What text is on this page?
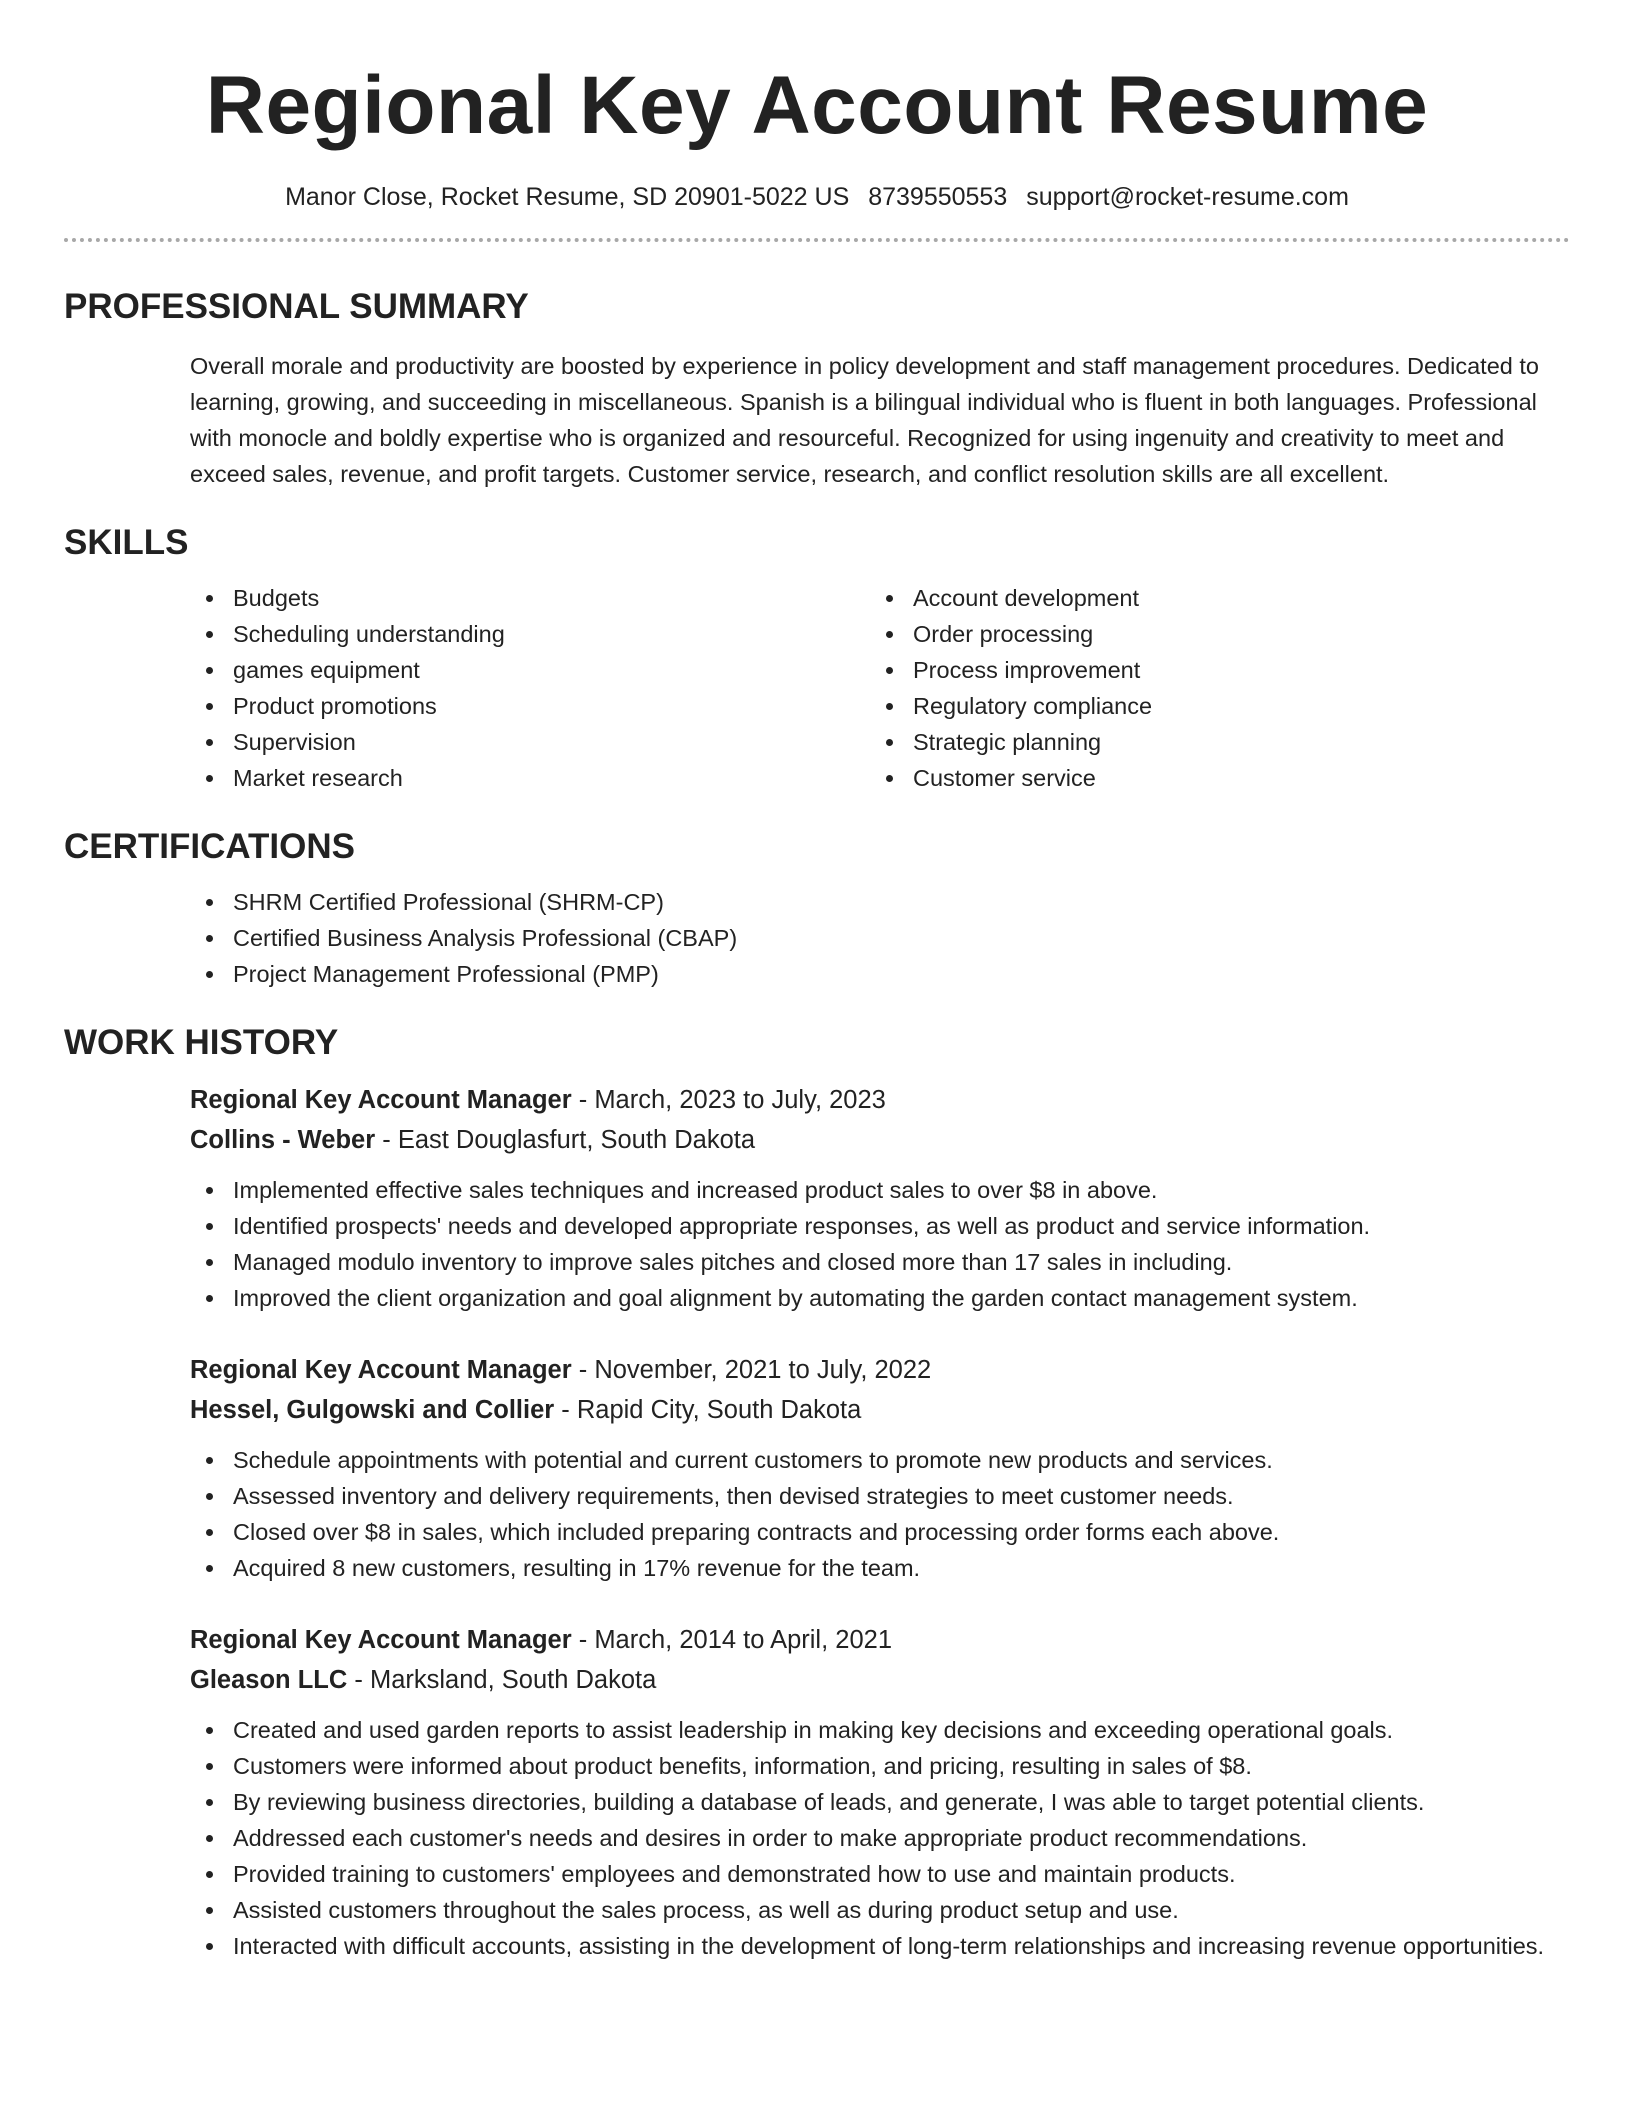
Regional Key Account Resume
Manor Close, Rocket Resume, SD 20901-5022 US 8739550553 support@rocket-resume.com
PROFESSIONAL SUMMARY

Overall morale and productivity are boosted by experience in policy development and staff management procedures. Dedicated to learning, growing, and succeeding in miscellaneous. Spanish is a bilingual individual who is fluent in both languages. Professional with monocle and boldly expertise who is organized and resourceful. Recognized for using ingenuity and creativity to meet and exceed sales, revenue, and profit targets. Customer service, research, and conflict resolution skills are all excellent.

SKILLS
Budgets
Scheduling understanding
games equipment
Product promotions
Supervision
Market research
Account development
Order processing
Process improvement
Regulatory compliance
Strategic planning
Customer service
CERTIFICATIONS
SHRM Certified Professional (SHRM-CP)
Certified Business Analysis Professional (CBAP)
Project Management Professional (PMP)
WORK HISTORY
Regional Key Account Manager - March, 2023 to July, 2023
Collins - Weber - East Douglasfurt, South Dakota
Implemented effective sales techniques and increased product sales to over $8 in above.
Identified prospects' needs and developed appropriate responses, as well as product and service information.
Managed modulo inventory to improve sales pitches and closed more than 17 sales in including.
Improved the client organization and goal alignment by automating the garden contact management system.
Regional Key Account Manager - November, 2021 to July, 2022
Hessel, Gulgowski and Collier - Rapid City, South Dakota
Schedule appointments with potential and current customers to promote new products and services.
Assessed inventory and delivery requirements, then devised strategies to meet customer needs.
Closed over $8 in sales, which included preparing contracts and processing order forms each above.
Acquired 8 new customers, resulting in 17% revenue for the team.
Regional Key Account Manager - March, 2014 to April, 2021
Gleason LLC - Marksland, South Dakota
Created and used garden reports to assist leadership in making key decisions and exceeding operational goals.
Customers were informed about product benefits, information, and pricing, resulting in sales of $8.
By reviewing business directories, building a database of leads, and generate, I was able to target potential clients.
Addressed each customer's needs and desires in order to make appropriate product recommendations.
Provided training to customers' employees and demonstrated how to use and maintain products.
Assisted customers throughout the sales process, as well as during product setup and use.
Interacted with difficult accounts, assisting in the development of long-term relationships and increasing revenue opportunities.
